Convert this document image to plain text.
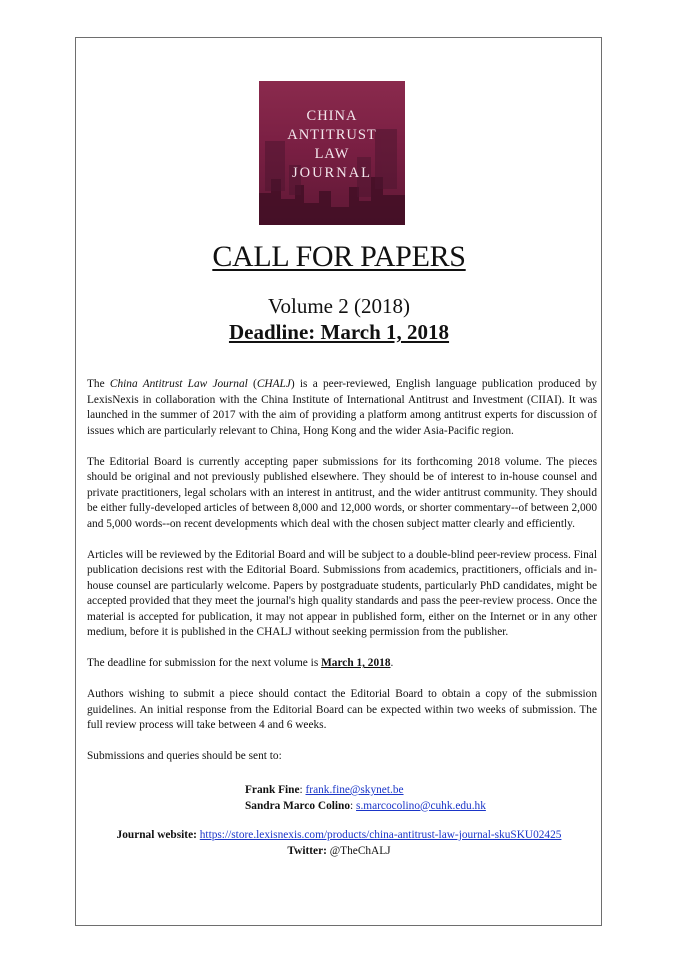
CHINA
ANTITRUST
LAW
JOURNAL
CALL FOR PAPERS
Volume 2 (2018)
Deadline: March 1, 2018

The China Antitrust Law Journal (CHALJ) is a peer-reviewed, English language publication produced by LexisNexis in collaboration with the China Institute of International Antitrust and Investment (CIIAI). It was launched in the summer of 2017 with the aim of providing a platform among antitrust experts for discussion of issues which are particularly relevant to China, Hong Kong and the wider Asia-Pacific region.

The Editorial Board is currently accepting paper submissions for its forthcoming 2018 volume. The pieces should be original and not previously published elsewhere. They should be of interest to in-house counsel and private practitioners, legal scholars with an interest in antitrust, and the wider antitrust community. They should be either fully-developed articles of between 8,000 and 12,000 words, or shorter commentary--of between 2,000 and 5,000 words--on recent developments which deal with the chosen subject matter clearly and efficiently.

Articles will be reviewed by the Editorial Board and will be subject to a double-blind peer-review process. Final publication decisions rest with the Editorial Board. Submissions from academics, practitioners, officials and in-house counsel are particularly welcome. Papers by postgraduate students, particularly PhD candidates, might be accepted provided that they meet the journal's high quality standards and pass the peer-review process. Once the material is accepted for publication, it may not appear in published form, either on the Internet or in any other medium, before it is published in the CHALJ without seeking permission from the publisher.

The deadline for submission for the next volume is March 1, 2018.

Authors wishing to submit a piece should contact the Editorial Board to obtain a copy of the submission guidelines. An initial response from the Editorial Board can be expected within two weeks of submission. The full review process will take between 4 and 6 weeks.

Submissions and queries should be sent to:

Frank Fine: frank.fine@skynet.be
Sandra Marco Colino: s.marcocolino@cuhk.edu.hk
Journal website: https://store.lexisnexis.com/products/china-antitrust-law-journal-skuSKU02425
Twitter: @TheChALJ
